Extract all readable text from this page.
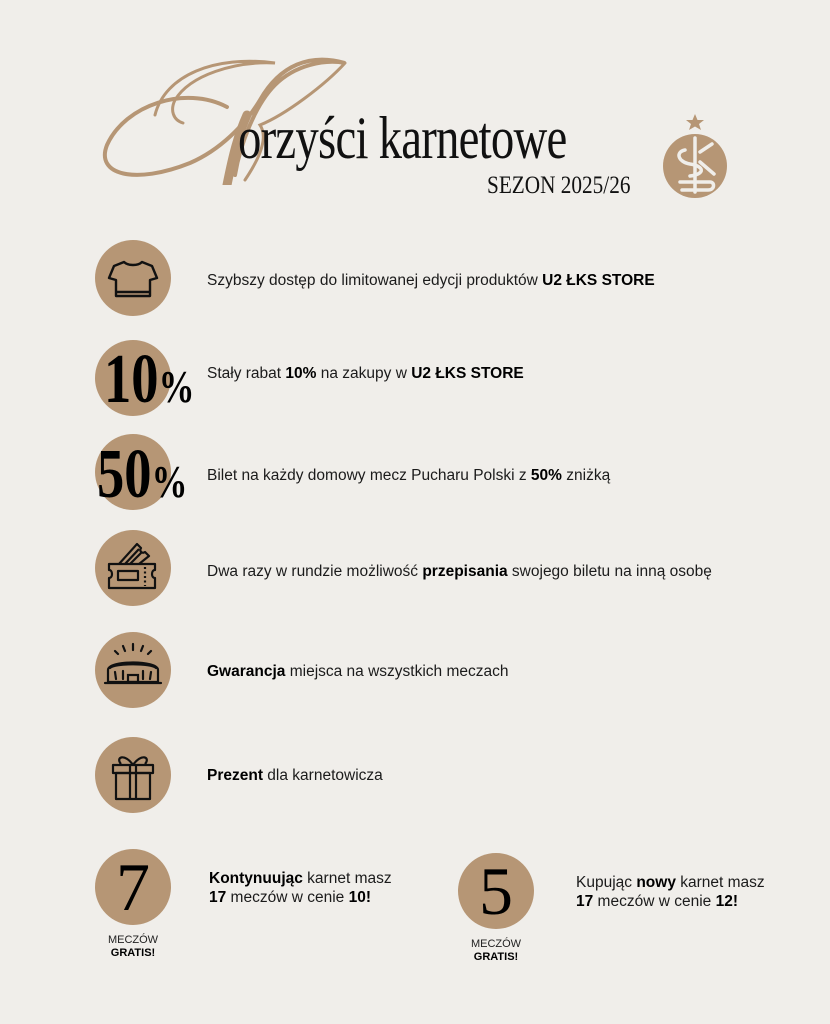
orzyści karnetowe
SEZON 2025/26
Szybszy dostęp do limitowanej edycji produktów U2 ŁKS STORE
10% Stały rabat 10% na zakupy w U2 ŁKS STORE
50% Bilet na każdy domowy mecz Pucharu Polski z 50% zniżką
Dwa razy w rundzie możliwość przepisania swojego biletu na inną osobę
Gwarancja miejsca na wszystkich meczach
Prezent dla karnetowicza
7
MECZÓW
GRATIS!
Kontynuując karnet masz
17 meczów w cenie 10!	5
MECZÓW
GRATIS!
Kupując nowy karnet masz
17 meczów w cenie 12!
